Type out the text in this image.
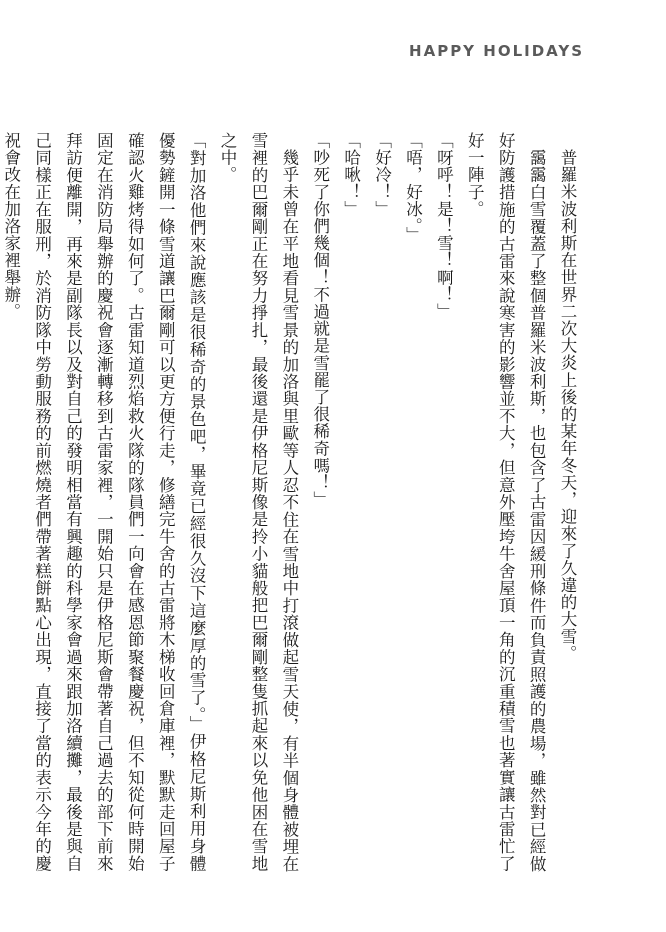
HAPPY HOLIDAYS

普羅米波利斯在世界二次大炎上後的某年冬天，迎來了久違的大雪。

靄靄白雪覆蓋了整個普羅米波利斯，也包含了古雷因緩刑條件而負責照護的農場，雖然對已經做好防護措施的古雷來說寒害的影響並不大，但意外壓垮牛舍屋頂一角的沉重積雪也著實讓古雷忙了好一陣子。

「呀呼！是！雪！啊！」

「唔，好冰。」

「好冷！」

「哈啾！」

「吵死了你們幾個！不過就是雪罷了很稀奇嗎！」

幾乎未曾在平地看見雪景的加洛與里歐等人忍不住在雪地中打滾做起雪天使，有半個身體被埋在雪裡的巴爾剛正在努力掙扎，最後還是伊格尼斯像是拎小貓般把巴爾剛整隻抓起來以免他困在雪地之中。

「對加洛他們來說應該是很稀奇的景色吧，畢竟已經很久沒下這麼厚的雪了。」伊格尼斯利用身體優勢鏟開一條雪道讓巴爾剛可以更方便行走，修繕完牛舍的古雷將木梯收回倉庫裡，默默走回屋子確認火雞烤得如何了。古雷知道烈焰救火隊的隊員們一向會在感恩節聚餐慶祝，但不知從何時開始固定在消防局舉辦的慶祝會逐漸轉移到古雷家裡，一開始只是伊格尼斯會帶著自己過去的部下前來拜訪便離開，再來是副隊長以及對自己的發明相當有興趣的科學家會過來跟加洛續攤，最後是與自己同樣正在服刑，於消防隊中勞動服務的前燃燒者們帶著糕餅點心出現，直接了當的表示今年的慶祝會改在加洛家裡舉辦。
